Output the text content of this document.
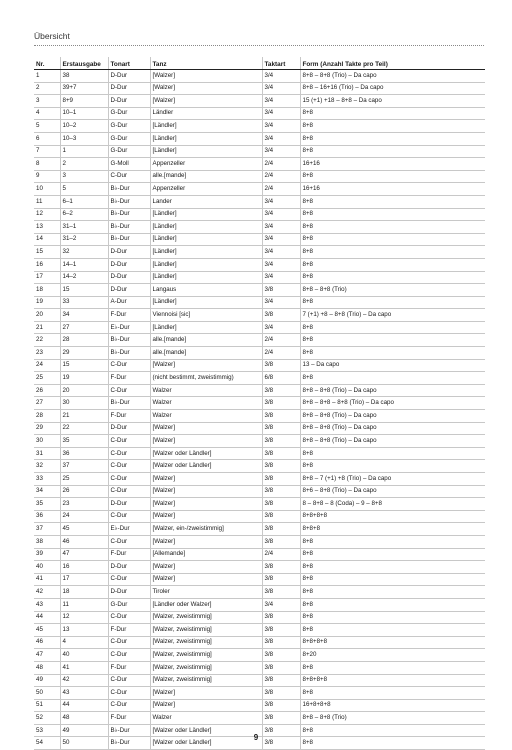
Übersicht
Nr.	Erstausgabe	Tonart	Tanz	Taktart	Form (Anzahl Takte pro Teil)
1	38	D-Dur	[Walzer]	3/4	8+8 – 8+8 (Trio) – Da capo
2	39+7	D-Dur	[Walzer]	3/4	8+8 – 16+16 (Trio) – Da capo
3	8+9	D-Dur	[Walzer]	3/4	15 (+1) +18 – 8+8 – Da capo
4	10–1	G-Dur	Ländler	3/4	8+8
5	10–2	G-Dur	[Ländler]	3/4	8+8
6	10–3	G-Dur	[Ländler]	3/4	8+8
7	1	G-Dur	[Ländler]	3/4	8+8
8	2	G-Moll	Appenzeller	2/4	16+16
9	3	C-Dur	alle.[mande]	2/4	8+8
10	5	B♭-Dur	Appenzeller	2/4	16+16
11	6–1	B♭-Dur	Lander	3/4	8+8
12	6–2	B♭-Dur	[Ländler]	3/4	8+8
13	31–1	B♭-Dur	[Ländler]	3/4	8+8
14	31–2	B♭-Dur	[Ländler]	3/4	8+8
15	32	D-Dur	[Ländler]	3/4	8+8
16	14–1	D-Dur	[Ländler]	3/4	8+8
17	14–2	D-Dur	[Ländler]	3/4	8+8
18	15	D-Dur	Langaus	3/8	8+8 – 8+8 (Trio)
19	33	A-Dur	[Ländler]	3/4	8+8
20	34	F-Dur	Viennoisi [sic]	3/8	7 (+1) +8 – 8+8 (Trio) – Da capo
21	27	E♭-Dur	[Ländler]	3/4	8+8
22	28	B♭-Dur	alle.[mande]	2/4	8+8
23	29	B♭-Dur	alle.[mande]	2/4	8+8
24	15	C-Dur	[Walzer]	3/8	13 – Da capo
25	19	F-Dur	(nicht bestimmt, zweistimmig)	6/8	8+8
26	20	C-Dur	Walzer	3/8	8+8 – 8+8 (Trio) – Da capo
27	30	B♭-Dur	Walzer	3/8	8+8 – 8+8 – 8+8 (Trio) – Da capo
28	21	F-Dur	Walzer	3/8	8+8 – 8+8 (Trio) – Da capo
29	22	D-Dur	[Walzer]	3/8	8+8 – 8+8 (Trio) – Da capo
30	35	C-Dur	[Walzer]	3/8	8+8 – 8+8 (Trio) – Da capo
31	36	C-Dur	[Walzer oder Ländler]	3/8	8+8
32	37	C-Dur	[Walzer oder Ländler]	3/8	8+8
33	25	C-Dur	[Walzer]	3/8	8+8 – 7 (+1) +8 (Trio) – Da capo
34	26	C-Dur	[Walzer]	3/8	8+6 – 8+8 (Trio) – Da capo
35	23	D-Dur	[Walzer]	3/8	8 – 8+8 – 8 (Coda) – 9 – 8+8
36	24	C-Dur	[Walzer]	3/8	8+8+8+8
37	45	E♭-Dur	[Walzer, ein-/zweistimmig]	3/8	8+8+8
38	46	C-Dur	[Walzer]	3/8	8+8
39	47	F-Dur	[Allemande]	2/4	8+8
40	16	D-Dur	[Walzer]	3/8	8+8
41	17	C-Dur	[Walzer]	3/8	8+8
42	18	D-Dur	Tiroler	3/8	8+8
43	11	G-Dur	[Ländler oder Walzer]	3/4	8+8
44	12	C-Dur	[Walzer, zweistimmig]	3/8	8+8
45	13	F-Dur	[Walzer, zweistimmig]	3/8	8+8
46	4	C-Dur	[Walzer, zweistimmig]	3/8	8+8+8+8
47	40	C-Dur	[Walzer, zweistimmig]	3/8	8+20
48	41	F-Dur	[Walzer, zweistimmig]	3/8	8+8
49	42	C-Dur	[Walzer, zweistimmig]	3/8	8+8+8+8
50	43	C-Dur	[Walzer]	3/8	8+8
51	44	C-Dur	[Walzer]	3/8	16+8+8+8
52	48	F-Dur	Walzer	3/8	8+8 – 8+8 (Trio)
53	49	B♭-Dur	[Walzer oder Ländler]	3/8	8+8
54	50	B♭-Dur	[Walzer oder Ländler]	3/8	8+8
9
